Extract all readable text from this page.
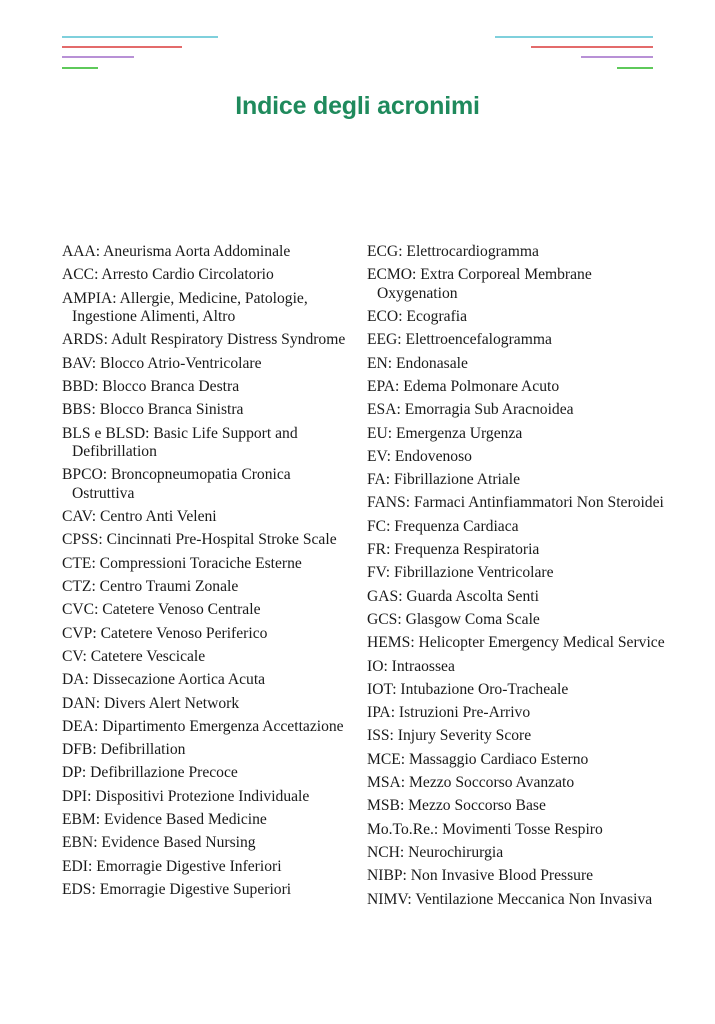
Indice degli acronimi
AAA: Aneurisma Aorta Addominale
ACC: Arresto Cardio Circolatorio
AMPIA: Allergie, Medicine, Patologie, Ingestione Alimenti, Altro
ARDS: Adult Respiratory Distress Syndrome
BAV: Blocco Atrio-Ventricolare
BBD: Blocco Branca Destra
BBS: Blocco Branca Sinistra
BLS e BLSD: Basic Life Support and Defibrillation
BPCO: Broncopneumopatia Cronica Ostruttiva
CAV: Centro Anti Veleni
CPSS: Cincinnati Pre-Hospital Stroke Scale
CTE: Compressioni Toraciche Esterne
CTZ: Centro Traumi Zonale
CVC: Catetere Venoso Centrale
CVP: Catetere Venoso Periferico
CV: Catetere Vescicale
DA: Dissecazione Aortica Acuta
DAN: Divers Alert Network
DEA: Dipartimento Emergenza Accettazione
DFB: Defibrillation
DP: Defibrillazione Precoce
DPI: Dispositivi Protezione Individuale
EBM: Evidence Based Medicine
EBN: Evidence Based Nursing
EDI: Emorragie Digestive Inferiori
EDS: Emorragie Digestive Superiori
ECG: Elettrocardiogramma
ECMO: Extra Corporeal Membrane Oxygenation
ECO: Ecografia
EEG: Elettroencefalogramma
EN: Endonasale
EPA: Edema Polmonare Acuto
ESA: Emorragia Sub Aracnoidea
EU: Emergenza Urgenza
EV: Endovenoso
FA: Fibrillazione Atriale
FANS: Farmaci Antinfiammatori Non Steroidei
FC: Frequenza Cardiaca
FR: Frequenza Respiratoria
FV: Fibrillazione Ventricolare
GAS: Guarda Ascolta Senti
GCS: Glasgow Coma Scale
HEMS: Helicopter Emergency Medical Service
IO: Intraossea
IOT: Intubazione Oro-Tracheale
IPA: Istruzioni Pre-Arrivo
ISS: Injury Severity Score
MCE: Massaggio Cardiaco Esterno
MSA: Mezzo Soccorso Avanzato
MSB: Mezzo Soccorso Base
Mo.To.Re.: Movimenti Tosse Respiro
NCH: Neurochirurgia
NIBP: Non Invasive Blood Pressure
NIMV: Ventilazione Meccanica Non Invasiva
